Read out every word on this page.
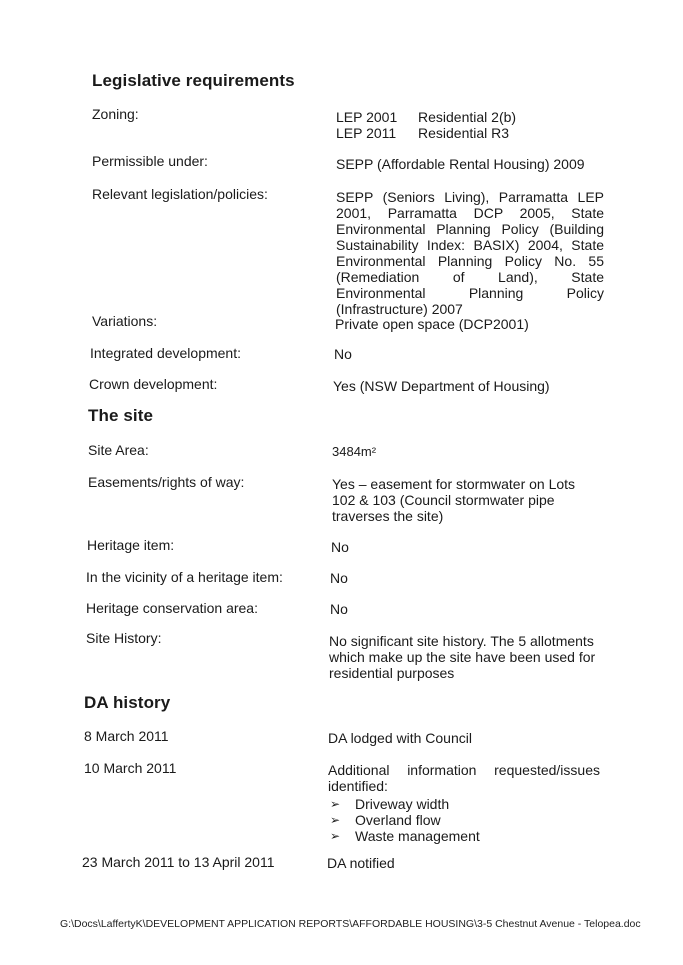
Legislative requirements
Zoning:	LEP 2001 Residential 2(b)
LEP 2011 Residential R3
Permissible under:	SEPP (Affordable Rental Housing) 2009
Relevant legislation/policies:	SEPP (Seniors Living), Parramatta LEP 2001, Parramatta DCP 2005, State Environmental Planning Policy (Building Sustainability Index: BASIX) 2004, State Environmental Planning Policy No. 55 (Remediation of Land), State Environmental Planning Policy (Infrastructure) 2007
Variations:	Private open space (DCP2001)
Integrated development:	No
Crown development:	Yes (NSW Department of Housing)
The site
Site Area:	3484m²
Easements/rights of way:	Yes – easement for stormwater on Lots 102 & 103 (Council stormwater pipe traverses the site)
Heritage item:	No
In the vicinity of a heritage item:	No
Heritage conservation area:	No
Site History:	No significant site history. The 5 allotments which make up the site have been used for residential purposes
DA history
8 March 2011	DA lodged with Council
10 March 2011	Additional information requested/issues identified:
➢ Driveway width
➢ Overland flow
➢ Waste management
23 March 2011 to 13 April 2011	DA notified
G:\Docs\LaffertyK\DEVELOPMENT APPLICATION REPORTS\AFFORDABLE HOUSING\3-5 Chestnut Avenue - Telopea.doc
